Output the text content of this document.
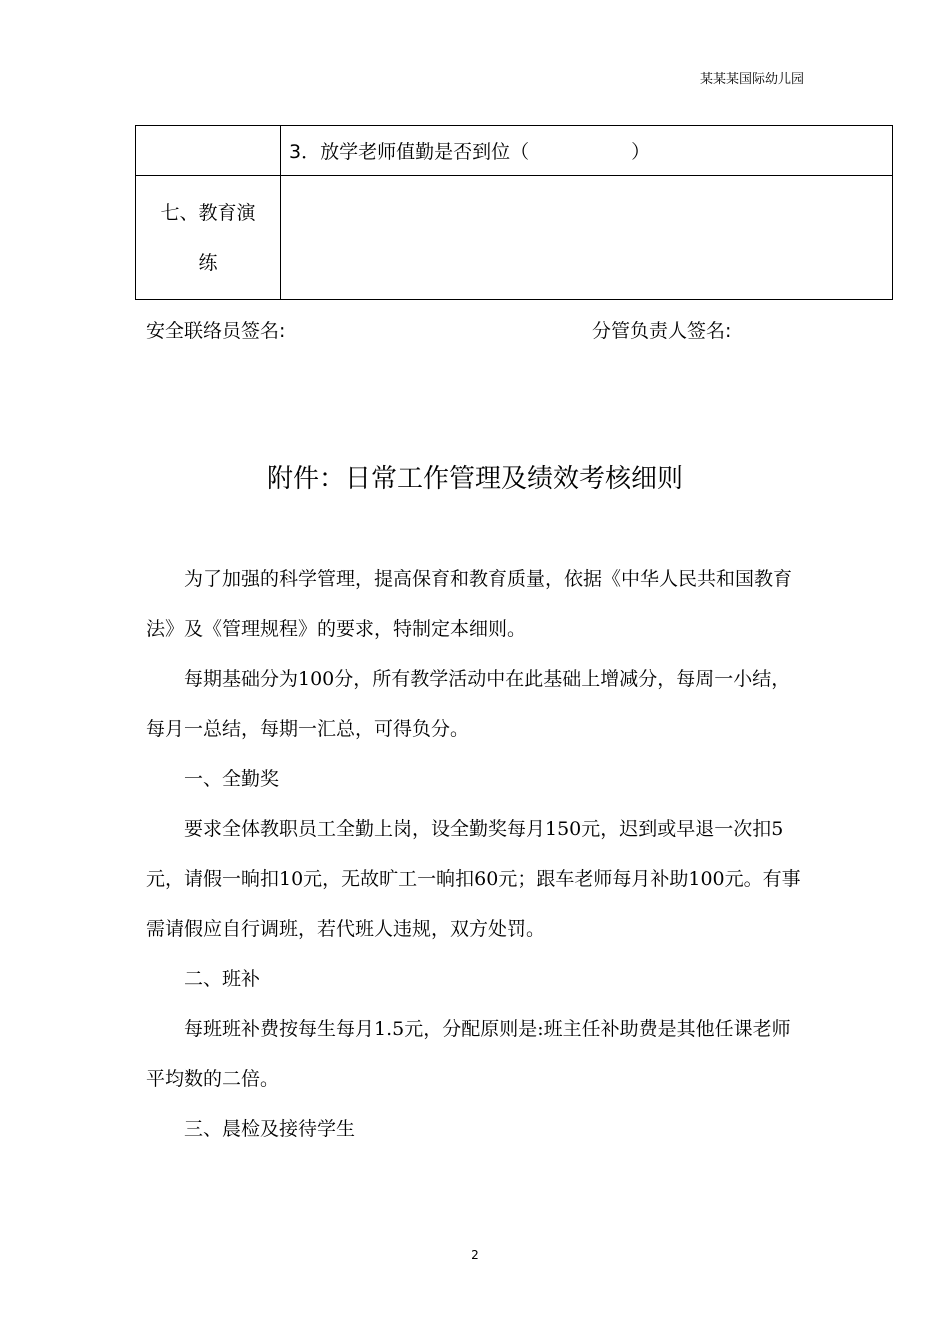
某某某国际幼儿园
	3．放学老师值勤是否到位（ ）

七、教育演
练	

安全联络员签名:	分管负责人签名:
附件：日常工作管理及绩效考核细则

为了加强的科学管理，提高保育和教育质量，依据《中华人民共和国教育法》及《管理规程》的要求，特制定本细则。

每期基础分为100分，所有教学活动中在此基础上增减分，每周一小结，每月一总结，每期一汇总，可得负分。

一、全勤奖

要求全体教职员工全勤上岗，设全勤奖每月150元，迟到或早退一次扣5元，请假一晌扣10元，无故旷工一晌扣60元；跟车老师每月补助100元。有事需请假应自行调班，若代班人违规，双方处罚。

二、班补

每班班补费按每生每月1.5元，分配原则是:班主任补助费是其他任课老师平均数的二倍。

三、晨检及接待学生

2
